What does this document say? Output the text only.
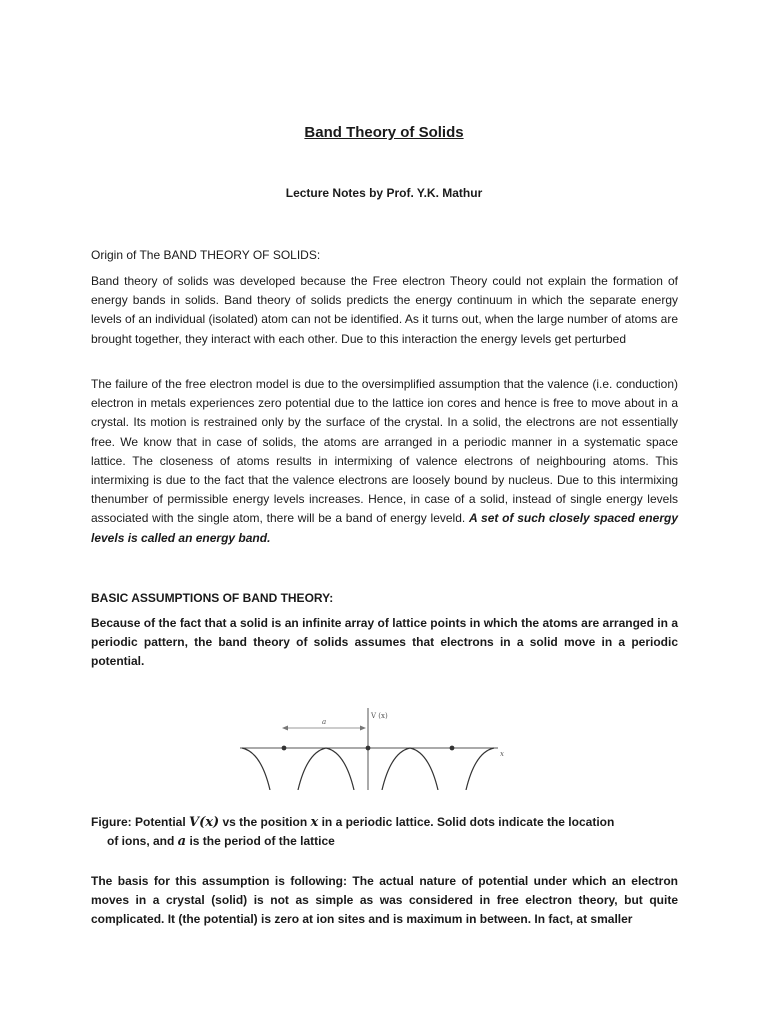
Band Theory of Solids
Lecture Notes by Prof. Y.K. Mathur
Origin of The BAND THEORY OF SOLIDS:
Band theory of solids was developed because the Free electron Theory could not explain the formation of energy bands in solids. Band theory of solids predicts the energy continuum in which the separate energy levels of an individual (isolated) atom can not be identified. As it turns out, when the large number of atoms are brought together, they interact with each other. Due to this interaction the energy levels get perturbed
The failure of the free electron model is due to the oversimplified assumption that the valence (i.e. conduction) electron in metals experiences zero potential due to the lattice ion cores and hence is free to move about in a crystal. Its motion is restrained only by the surface of the crystal. In a solid, the electrons are not essentially free. We know that in case of solids, the atoms are arranged in a periodic manner in a systematic space lattice. The closeness of atoms results in intermixing of valence electrons of neighbouring atoms. This intermixing is due to the fact that the valence electrons are loosely bound by nucleus. Due to this intermixing thenumber of permissible energy levels increases. Hence, in case of a solid, instead of single energy levels associated with the single atom, there will be a band of energy leveld. A set of such closely spaced energy levels is called an energy band.
BASIC ASSUMPTIONS OF BAND THEORY:
Because of the fact that a solid is an infinite array of lattice points in which the atoms are arranged in a periodic pattern, the band theory of solids assumes that electrons in a solid move in a periodic potential.
a
V (x)
x
Figure: Potential V(x) vs the position x in a periodic lattice. Solid dots indicate the location
of ions, and a is the period of the lattice
The basis for this assumption is following: The actual nature of potential under which an electron moves in a crystal (solid) is not as simple as was considered in free electron theory, but quite complicated. It (the potential) is zero at ion sites and is maximum in between. In fact, at smaller
